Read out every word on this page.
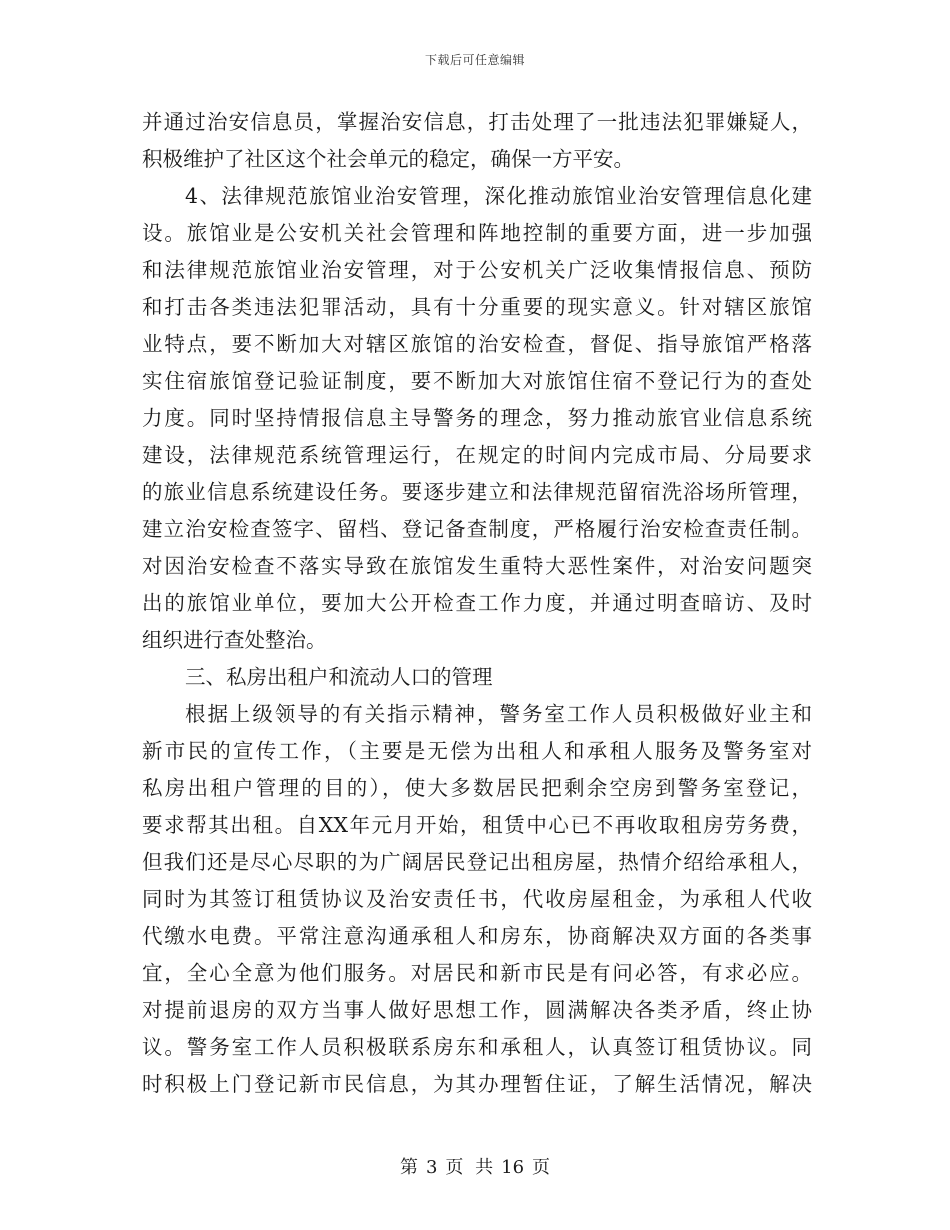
下载后可任意编辑
并通过治安信息员，掌握治安信息，打击处理了一批违法犯罪嫌疑人，
积极维护了社区这个社会单元的稳定，确保一方平安。
4、法律规范旅馆业治安管理，深化推动旅馆业治安管理信息化建
设。旅馆业是公安机关社会管理和阵地控制的重要方面，进一步加强
和法律规范旅馆业治安管理，对于公安机关广泛收集情报信息、预防
和打击各类违法犯罪活动，具有十分重要的现实意义。针对辖区旅馆
业特点，要不断加大对辖区旅馆的治安检查，督促、指导旅馆严格落
实住宿旅馆登记验证制度，要不断加大对旅馆住宿不登记行为的查处
力度。同时坚持情报信息主导警务的理念，努力推动旅官业信息系统
建设，法律规范系统管理运行，在规定的时间内完成市局、分局要求
的旅业信息系统建设任务。要逐步建立和法律规范留宿洗浴场所管理，
建立治安检查签字、留档、登记备查制度，严格履行治安检查责任制。
对因治安检查不落实导致在旅馆发生重特大恶性案件，对治安问题突
出的旅馆业单位，要加大公开检查工作力度，并通过明查暗访、及时
组织进行查处整治。
三、私房出租户和流动人口的管理
根据上级领导的有关指示精神，警务室工作人员积极做好业主和
新市民的宣传工作，（主要是无偿为出租人和承租人服务及警务室对
私房出租户管理的目的），使大多数居民把剩余空房到警务室登记，
要求帮其出租。自XX年元月开始，租赁中心已不再收取租房劳务费，
但我们还是尽心尽职的为广阔居民登记出租房屋，热情介绍给承租人，
同时为其签订租赁协议及治安责任书，代收房屋租金，为承租人代收
代缴水电费。平常注意沟通承租人和房东，协商解决双方面的各类事
宜，全心全意为他们服务。对居民和新市民是有问必答，有求必应。
对提前退房的双方当事人做好思想工作，圆满解决各类矛盾，终止协
议。警务室工作人员积极联系房东和承租人，认真签订租赁协议。同
时积极上门登记新市民信息，为其办理暂住证，了解生活情况，解决
第 3 页 共 16 页
